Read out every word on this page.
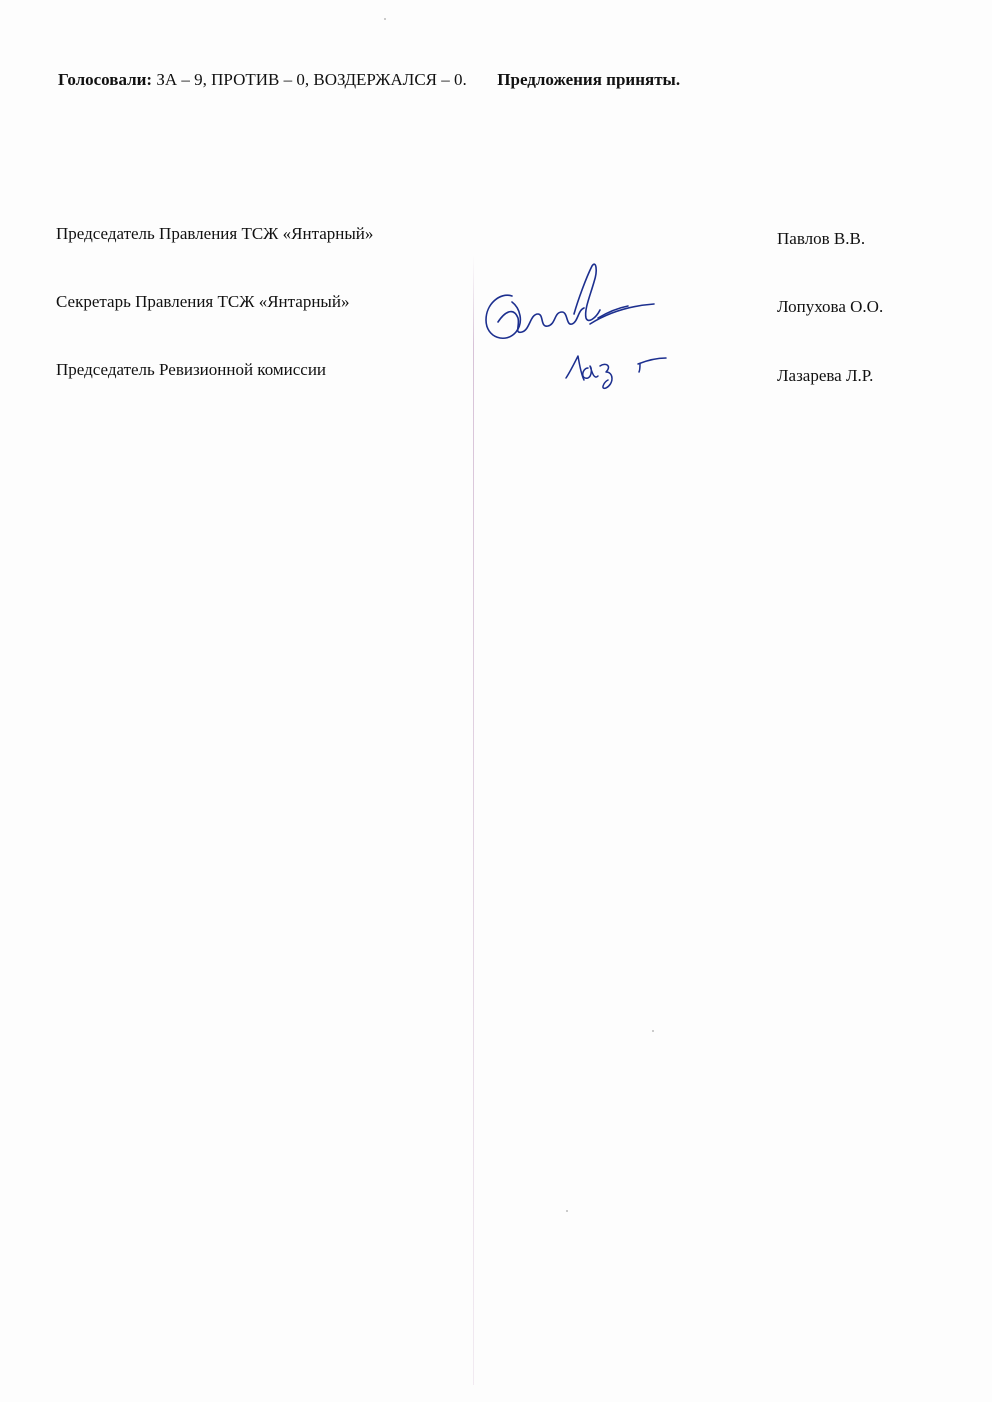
Голосовали: ЗА – 9, ПРОТИВ – 0, ВОЗДЕРЖАЛСЯ – 0. Предложения приняты.
Председатель Правления ТСЖ «Янтарный»	Павлов В.В.
Секретарь Правления ТСЖ «Янтарный»	Лопухова О.О.
Председатель Ревизионной комиссии	Лазарева Л.Р.
